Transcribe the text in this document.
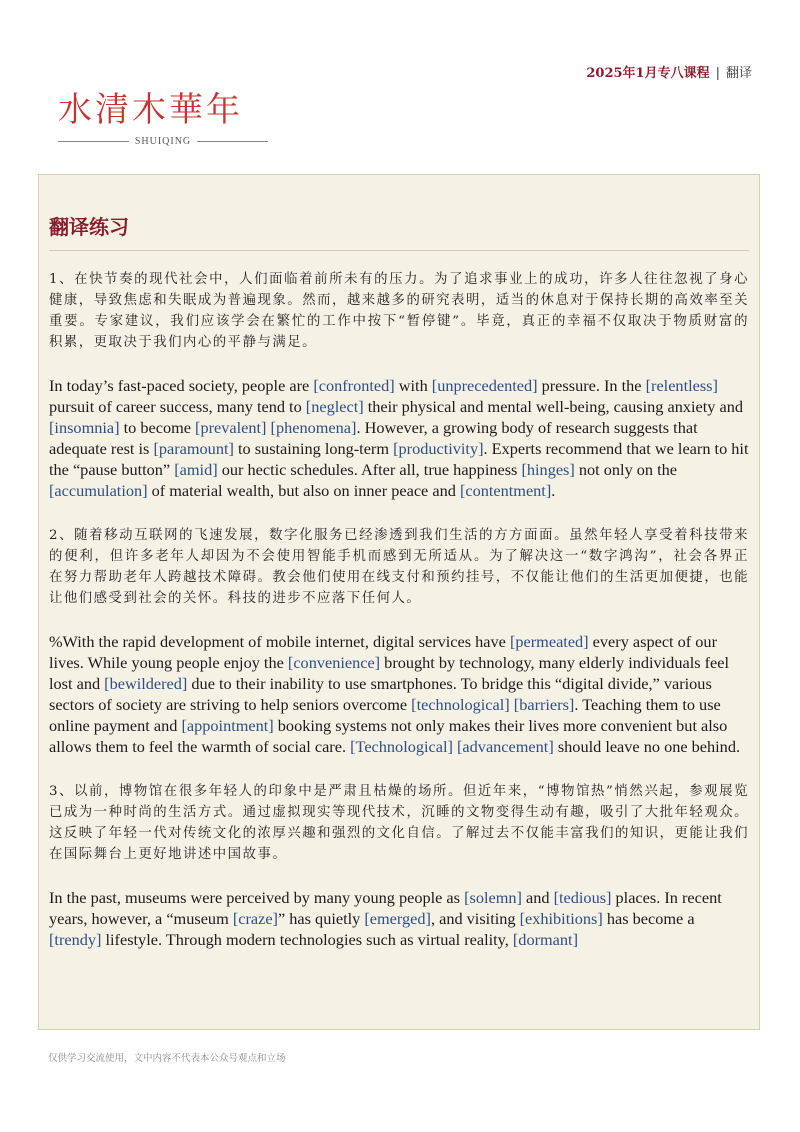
2025年1月专八课程 | 翻译
水清木華年
SHUIQING
翻译练习

1、在快节奏的现代社会中，人们面临着前所未有的压力。为了追求事业上的成功，许多人往往忽视了身心健康，导致焦虑和失眠成为普遍现象。然而，越来越多的研究表明，适当的休息对于保持长期的高效率至关重要。专家建议，我们应该学会在繁忙的工作中按下“暂停键”。毕竟，真正的幸福不仅取决于物质财富的积累，更取决于我们内心的平静与满足。

In today’s fast-paced society, people are [confronted] with [unprecedented] pressure. In the [relentless] pursuit of career success, many tend to [neglect] their physical and mental well-being, causing anxiety and [insomnia] to become [prevalent] [phenomena]. However, a growing body of research suggests that adequate rest is [paramount] to sustaining long-term [productivity]. Experts recommend that we learn to hit the “pause button” [amid] our hectic schedules. After all, true happiness [hinges] not only on the [accumulation] of material wealth, but also on inner peace and [contentment].

2、随着移动互联网的飞速发展，数字化服务已经渗透到我们生活的方方面面。虽然年轻人享受着科技带来的便利，但许多老年人却因为不会使用智能手机而感到无所适从。为了解决这一“数字鸿沟”，社会各界正在努力帮助老年人跨越技术障碍。教会他们使用在线支付和预约挂号，不仅能让他们的生活更加便捷，也能让他们感受到社会的关怀。科技的进步不应落下任何人。

%With the rapid development of mobile internet, digital services have [permeated] every aspect of our lives. While young people enjoy the [convenience] brought by technology, many elderly individuals feel lost and [bewildered] due to their inability to use smartphones. To bridge this “digital divide,” various sectors of society are striving to help seniors overcome [technological] [barriers]. Teaching them to use online payment and [appointment] booking systems not only makes their lives more convenient but also allows them to feel the warmth of social care. [Technological] [advancement] should leave no one behind.

3、以前，博物馆在很多年轻人的印象中是严肃且枯燥的场所。但近年来，“博物馆热”悄然兴起，参观展览已成为一种时尚的生活方式。通过虚拟现实等现代技术，沉睡的文物变得生动有趣，吸引了大批年轻观众。这反映了年轻一代对传统文化的浓厚兴趣和强烈的文化自信。了解过去不仅能丰富我们的知识，更能让我们在国际舞台上更好地讲述中国故事。

In the past, museums were perceived by many young people as [solemn] and [tedious] places. In recent years, however, a “museum [craze]” has quietly [emerged], and visiting [exhibitions] has become a [trendy] lifestyle. Through modern technologies such as virtual reality, [dormant]

仅供学习交流使用，文中内容不代表本公众号观点和立场
